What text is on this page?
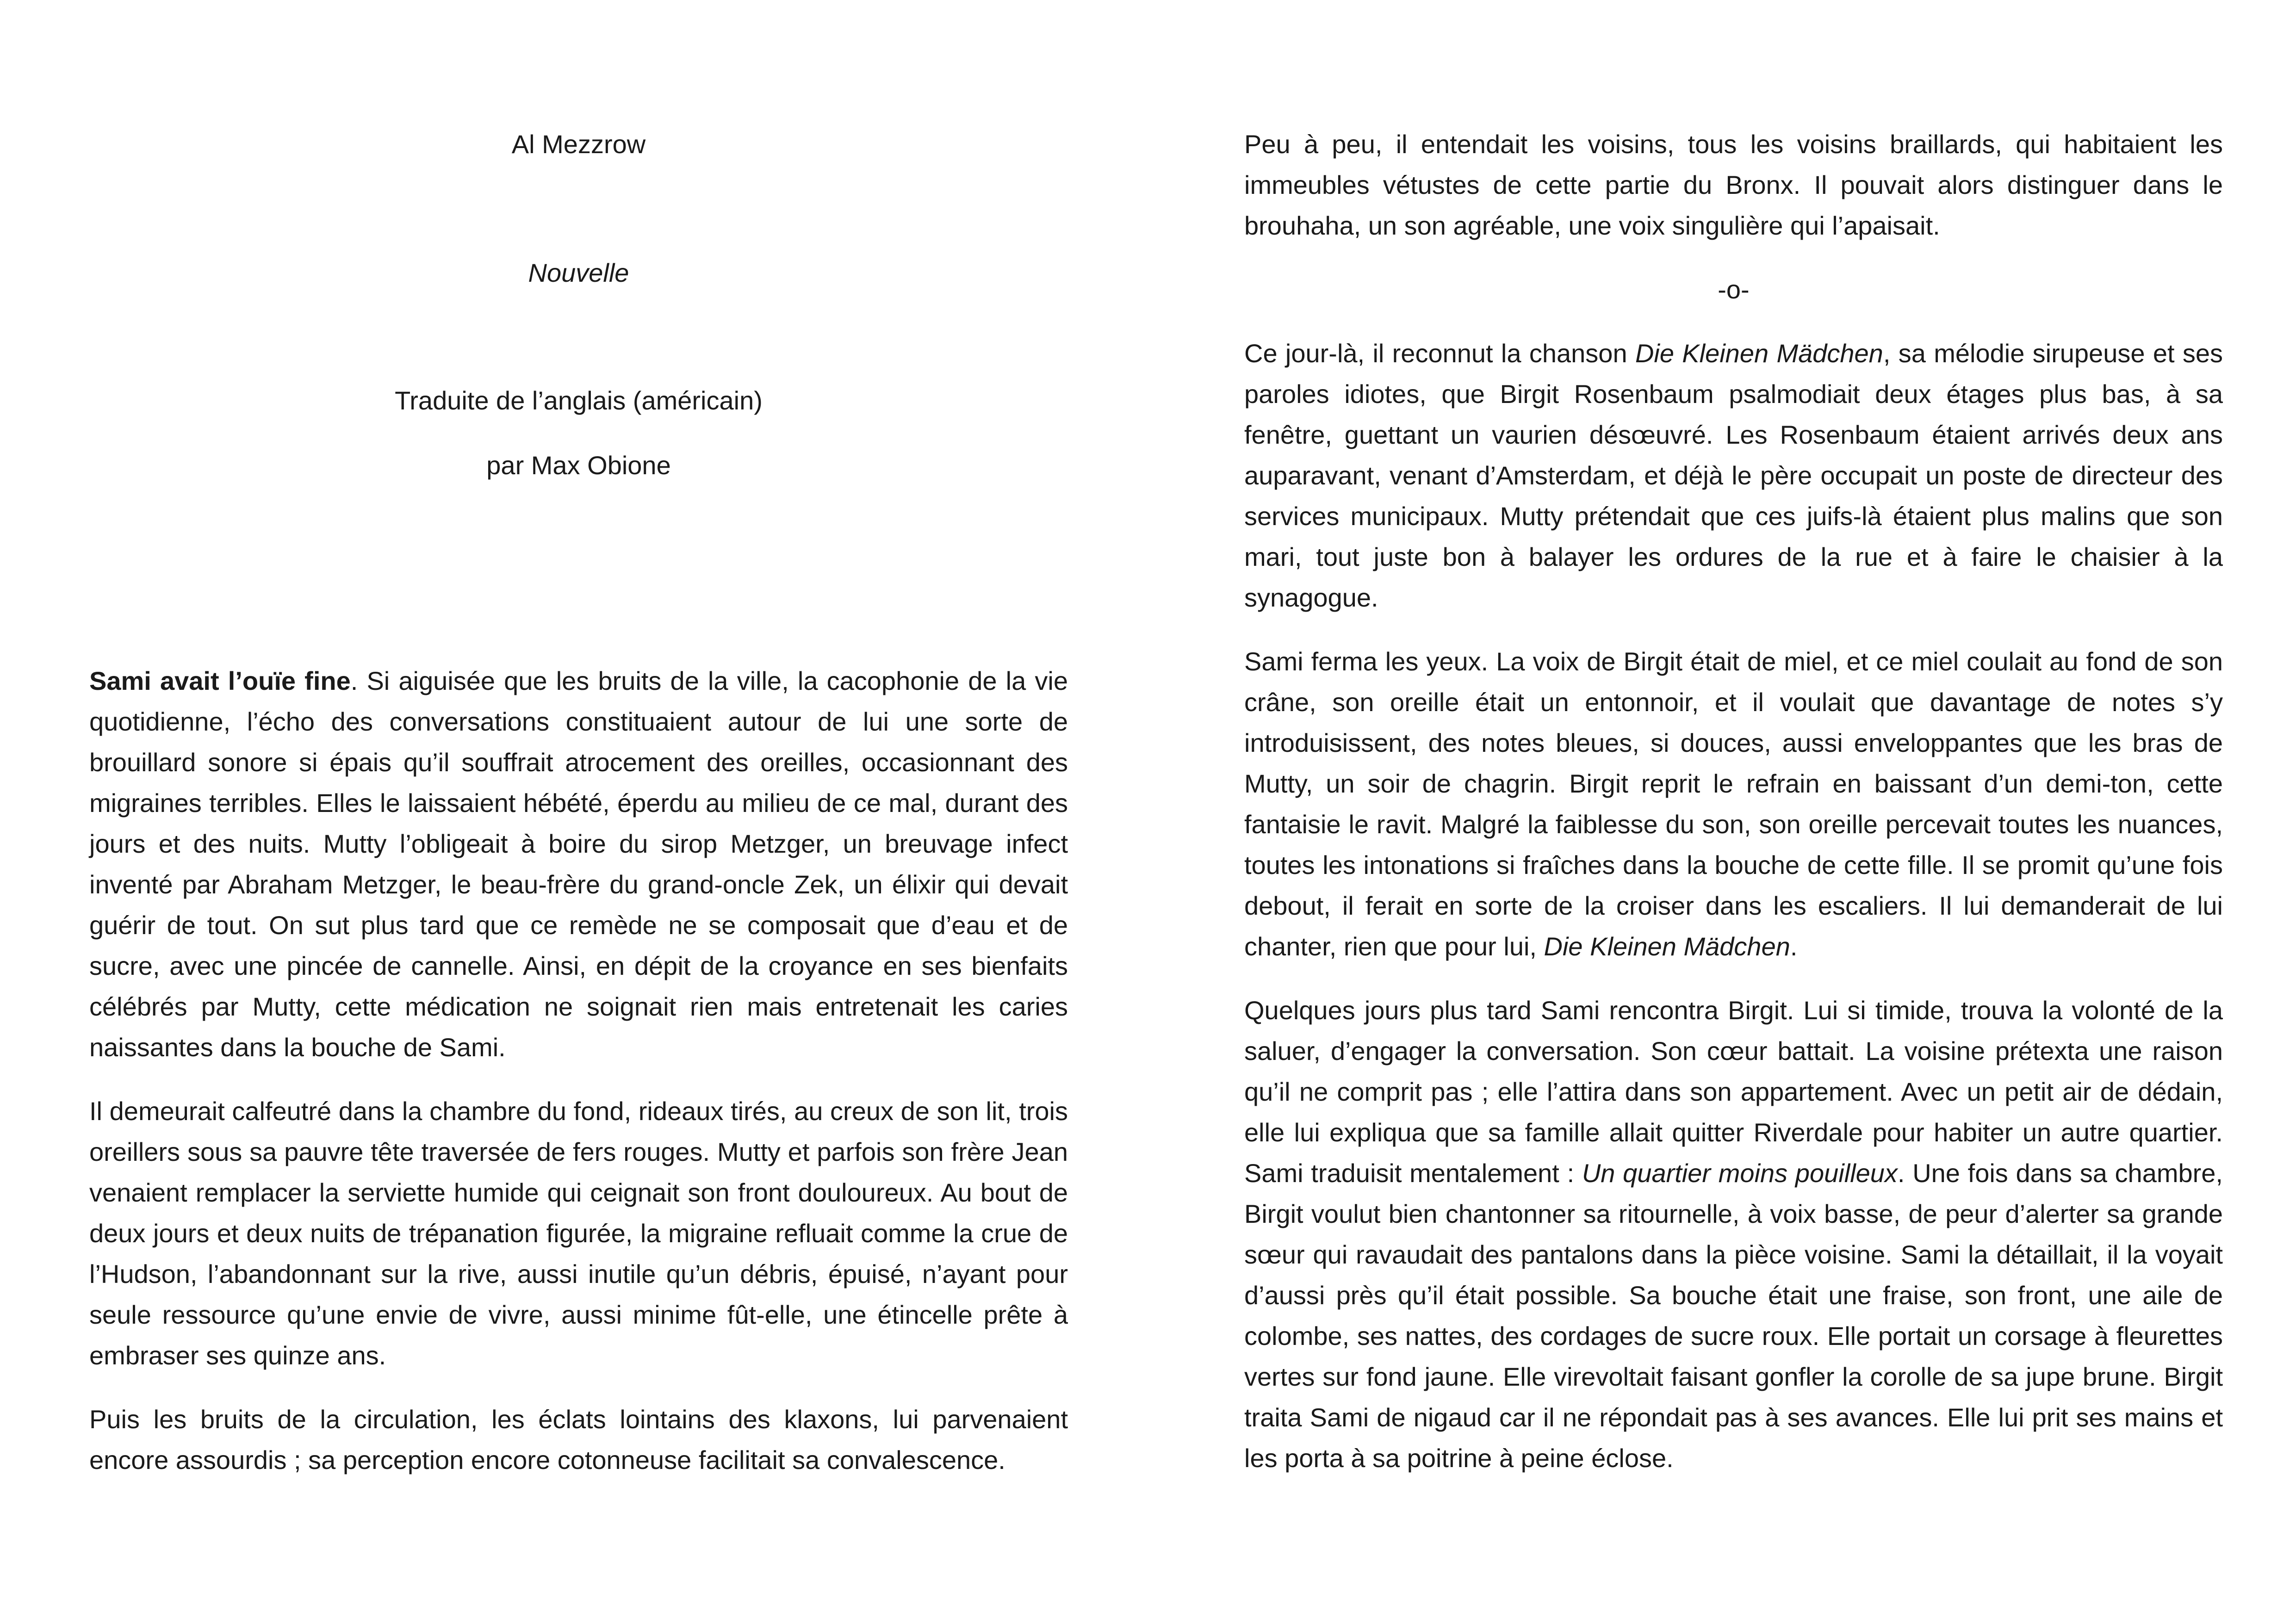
Al Mezzrow
Nouvelle
Traduite de l’anglais (américain)
par Max Obione

Sami avait l’ouïe fine. Si aiguisée que les bruits de la ville, la cacophonie de la vie quotidienne, l’écho des conversations constituaient autour de lui une sorte de brouillard sonore si épais qu’il souffrait atrocement des oreilles, occasionnant des migraines terribles. Elles le laissaient hébété, éperdu au milieu de ce mal, durant des jours et des nuits. Mutty l’obligeait à boire du sirop Metzger, un breuvage infect inventé par Abraham Metzger, le beau-frère du grand-oncle Zek, un élixir qui devait guérir de tout. On sut plus tard que ce remède ne se composait que d’eau et de sucre, avec une pincée de cannelle. Ainsi, en dépit de la croyance en ses bienfaits célébrés par Mutty, cette médication ne soignait rien mais entretenait les caries naissantes dans la bouche de Sami.

Il demeurait calfeutré dans la chambre du fond, rideaux tirés, au creux de son lit, trois oreillers sous sa pauvre tête traversée de fers rouges. Mutty et parfois son frère Jean venaient remplacer la serviette humide qui ceignait son front douloureux. Au bout de deux jours et deux nuits de trépanation figurée, la migraine refluait comme la crue de l’Hudson, l’abandonnant sur la rive, aussi inutile qu’un débris, épuisé, n’ayant pour seule ressource qu’une envie de vivre, aussi minime fût-elle, une étincelle prête à embraser ses quinze ans.

Puis les bruits de la circulation, les éclats lointains des klaxons, lui parvenaient encore assourdis ; sa perception encore cotonneuse facilitait sa convalescence.

Peu à peu, il entendait les voisins, tous les voisins braillards, qui habitaient les immeubles vétustes de cette partie du Bronx. Il pouvait alors distinguer dans le brouhaha, un son agréable, une voix singulière qui l’apaisait.

-o-

Ce jour-là, il reconnut la chanson Die Kleinen Mädchen, sa mélodie sirupeuse et ses paroles idiotes, que Birgit Rosenbaum psalmodiait deux étages plus bas, à sa fenêtre, guettant un vaurien désœuvré. Les Rosenbaum étaient arrivés deux ans auparavant, venant d’Amsterdam, et déjà le père occupait un poste de directeur des services municipaux. Mutty prétendait que ces juifs-là étaient plus malins que son mari, tout juste bon à balayer les ordures de la rue et à faire le chaisier à la synagogue.

Sami ferma les yeux. La voix de Birgit était de miel, et ce miel coulait au fond de son crâne, son oreille était un entonnoir, et il voulait que davantage de notes s’y introduisissent, des notes bleues, si douces, aussi enveloppantes que les bras de Mutty, un soir de chagrin. Birgit reprit le refrain en baissant d’un demi-ton, cette fantaisie le ravit. Malgré la faiblesse du son, son oreille percevait toutes les nuances, toutes les intonations si fraîches dans la bouche de cette fille. Il se promit qu’une fois debout, il ferait en sorte de la croiser dans les escaliers. Il lui demanderait de lui chanter, rien que pour lui, Die Kleinen Mädchen.

Quelques jours plus tard Sami rencontra Birgit. Lui si timide, trouva la volonté de la saluer, d’engager la conversation. Son cœur battait. La voisine prétexta une raison qu’il ne comprit pas ; elle l’attira dans son appartement. Avec un petit air de dédain, elle lui expliqua que sa famille allait quitter Riverdale pour habiter un autre quartier. Sami traduisit mentalement : Un quartier moins pouilleux. Une fois dans sa chambre, Birgit voulut bien chantonner sa ritournelle, à voix basse, de peur d’alerter sa grande sœur qui ravaudait des pantalons dans la pièce voisine. Sami la détaillait, il la voyait d’aussi près qu’il était possible. Sa bouche était une fraise, son front, une aile de colombe, ses nattes, des cordages de sucre roux. Elle portait un corsage à fleurettes vertes sur fond jaune. Elle virevoltait faisant gonfler la corolle de sa jupe brune. Birgit traita Sami de nigaud car il ne répondait pas à ses avances. Elle lui prit ses mains et les porta à sa poitrine à peine éclose.
